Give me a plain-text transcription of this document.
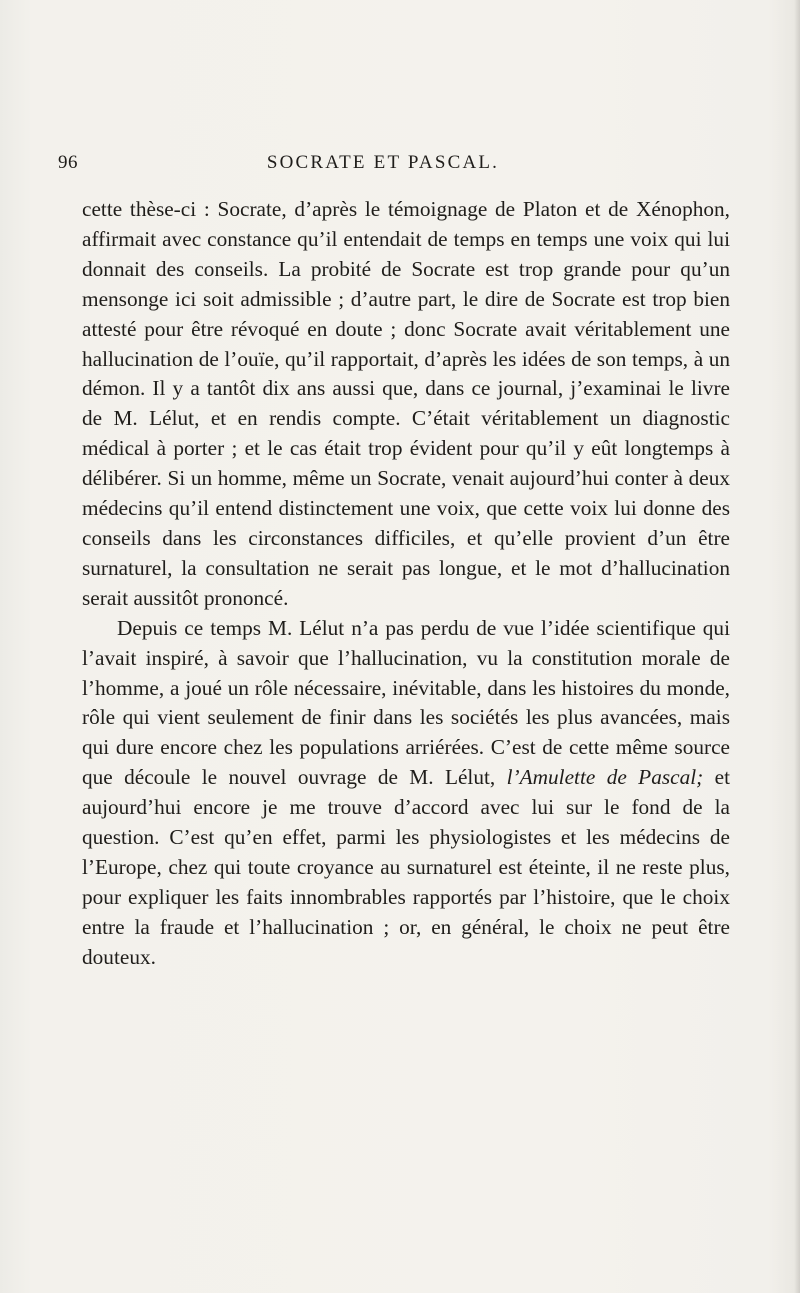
96	SOCRATE ET PASCAL.

cette thèse-ci : Socrate, d’après le témoignage de Platon et de Xénophon, affirmait avec constance qu’il entendait de temps en temps une voix qui lui donnait des conseils. La probité de Socrate est trop grande pour qu’un mensonge ici soit admissible ; d’autre part, le dire de Socrate est trop bien attesté pour être révoqué en doute ; donc Socrate avait véritablement une hallucination de l’ouïe, qu’il rapportait, d’après les idées de son temps, à un démon. Il y a tantôt dix ans aussi que, dans ce journal, j’examinai le livre de M. Lélut, et en rendis compte. C’était véritablement un diagnostic médical à porter ; et le cas était trop évident pour qu’il y eût longtemps à délibérer. Si un homme, même un Socrate, venait aujourd’hui conter à deux médecins qu’il entend distinctement une voix, que cette voix lui donne des conseils dans les circonstances difficiles, et qu’elle provient d’un être surnaturel, la consultation ne serait pas longue, et le mot d’hallucination serait aussitôt prononcé.

Depuis ce temps M. Lélut n’a pas perdu de vue l’idée scientifique qui l’avait inspiré, à savoir que l’hallucination, vu la constitution morale de l’homme, a joué un rôle nécessaire, inévitable, dans les histoires du monde, rôle qui vient seulement de finir dans les sociétés les plus avancées, mais qui dure encore chez les populations arriérées. C’est de cette même source que découle le nouvel ouvrage de M. Lélut, l’Amulette de Pascal; et aujourd’hui encore je me trouve d’accord avec lui sur le fond de la question. C’est qu’en effet, parmi les physiologistes et les médecins de l’Europe, chez qui toute croyance au surnaturel est éteinte, il ne reste plus, pour expliquer les faits innombrables rapportés par l’histoire, que le choix entre la fraude et l’hallucination ; or, en général, le choix ne peut être douteux.
